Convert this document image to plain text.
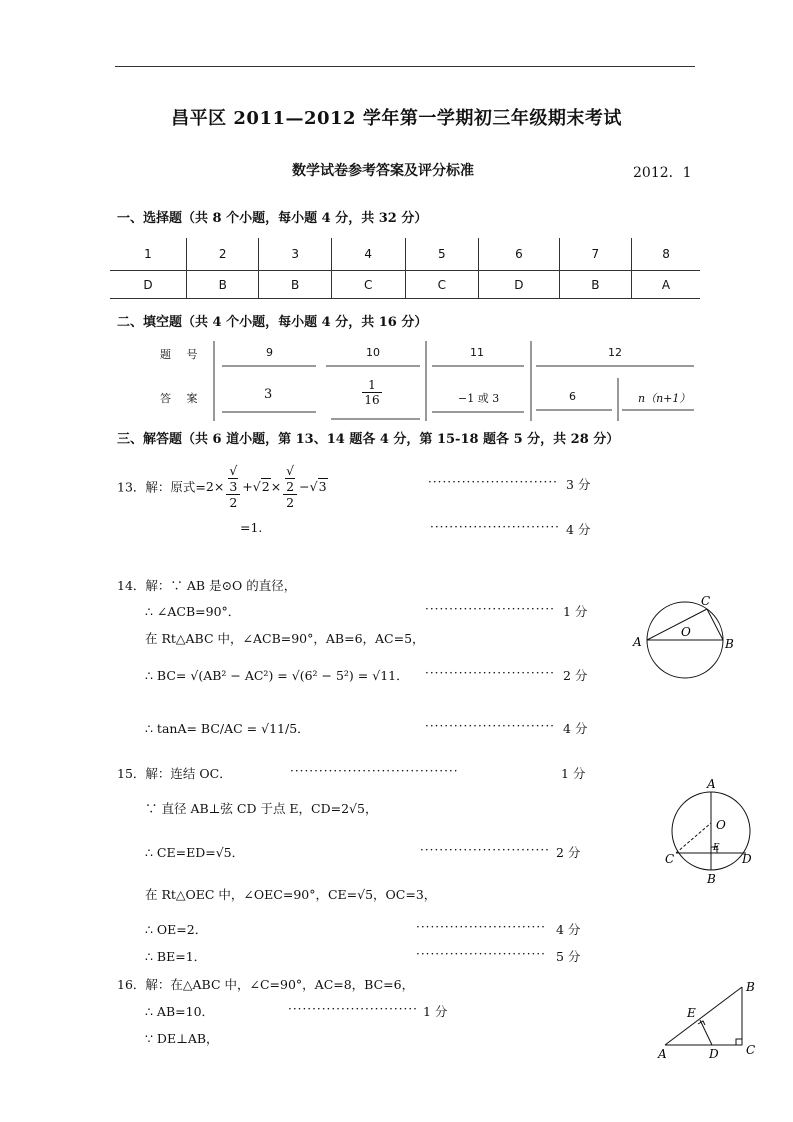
昌平区 2011—2012 学年第一学期初三年级期末考试
数学试卷参考答案及评分标准	2012．1
一、选择题（共 8 个小题，每小题 4 分，共 32 分）
1	2	3	4	5	6	7	8
D	B	B	C	C	D	B	A
二、填空题（共 4 个小题，每小题 4 分，共 16 分）
题 号
答 案
9	10	11	12
3	$\frac{1}{16}$	−1 或 3	6	n（n+1）
三、解答题（共 6 道小题，第 13、14 题各 4 分，第 15-18 题各 5 分，共 28 分）
13．解：原式=2× √
3
2 +√2× √
2
2 −√3	··························· 3 分
=1.	··························· 4 分
14．解：∵ AB 是⊙O 的直径，
∴ ∠ACB=90°．	··························· 1 分
在 Rt△ABC 中，∠ACB=90°，AB=6，AC=5，
∴ BC= √(AB² − AC²) = √(6² − 5²) = √11． ··························· 2 分
∴ tanA= BC/AC = √11/5．	··························· 4 分
A	B
C
O
15．解：连结 OC．	···································	1 分
∵ 直径 AB⊥弦 CD 于点 E，CD=2√5，
∴ CE=ED=√5．	··························· 2 分
在 Rt△OEC 中，∠OEC=90°，CE=√5，OC=3，
∴ OE=2．	··························· 4 分
∴ BE=1．	··························· 5 分
A
B
C	D
O
E
16．解：在△ABC 中，∠C=90°，AC=8，BC=6，
∴ AB=10．	··························· 1 分
∵ DE⊥AB，
A
B
C
D
E
